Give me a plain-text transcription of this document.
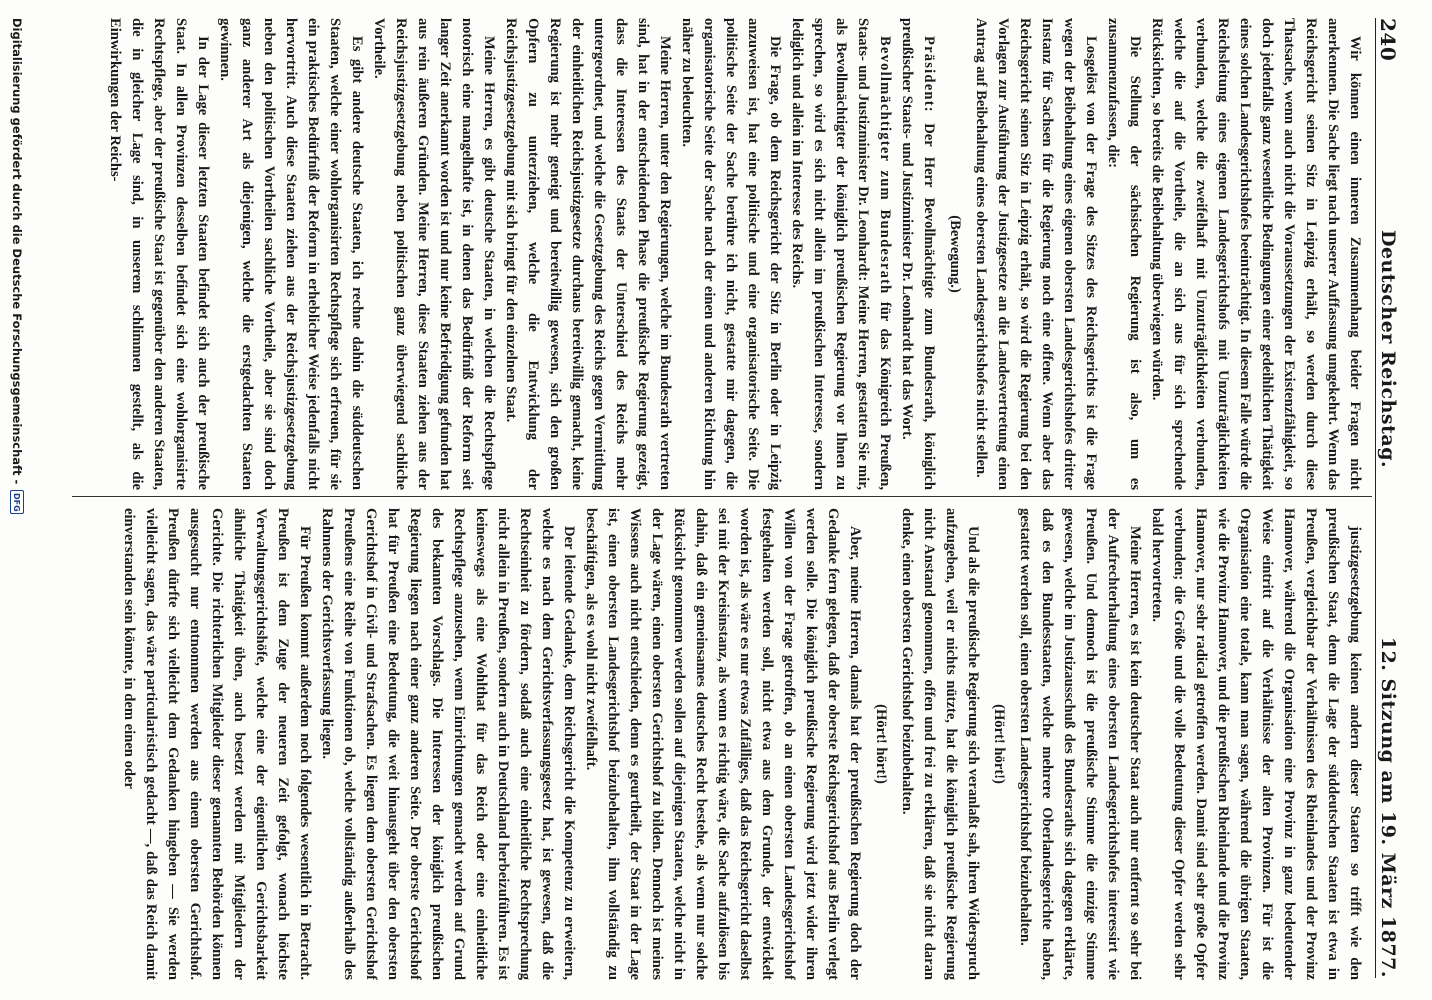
240
Deutscher Reichstag.
12. Sitzung am 19. März 1877.

Wir können einen inneren Zusammenhang beider Fragen nicht anerkennen. Die Sache liegt nach unserer Auffassung umgekehrt. Wenn das Reichsgericht seinen Sitz in Leipzig erhält, so werden durch diese Thatsache, wenn auch nicht die Voraussetzungen der Existenzfähigkeit, so doch jedenfalls ganz wesentliche Bedingungen einer gedeihlichen Thätigkeit eines solchen Landesgerichtshofes beeinträchtigt. In diesem Falle würde die Reichsleitung eines eigenen Landesgerichtshofs mit Unzuträglichkeiten verbunden, welche die zweifelhaft mit Unzuträglichkeiten verbunden, welche die auf die Vortheile, die an sich aus für sich sprechende Rücksichten, so bereits die Beibehaltung überwiegen würden.

Die Stellung der sächsischen Regierung ist also, um es zusammenzufassen, die:

Losgelöst von der Frage des Sitzes des Reichsgerichts ist die Frage wegen der Beibehaltung eines eigenen obersten Landesgerichtshofes dritter Instanz für Sachsen für die Regierung noch eine offene. Wenn aber das Reichsgericht seinen Sitz in Leipzig erhält, so wird die Regierung bei den Vorlagen zur Ausführung der Justizgesetze an die Landesvertretung einen Antrag auf Beibehaltung eines obersten Landesgerichtshofes nicht stellen.

(Bewegung.)

Präsident: Der Herr Bevollmächtigte zum Bundesrath, königlich preußischer Staats- und Justizminister Dr. Leonhardt hat das Wort.

Bevollmächtigter zum Bundesrath für das Königreich Preußen, Staats- und Justizminister Dr. Leonhardt: Meine Herren, gestatten Sie mir, als Bevollmächtigter der königlich preußischen Regierung vor Ihnen zu sprechen, so wird es sich nicht allein im preußischen Interesse, sondern lediglich und allein im Interesse des Reichs.

Die Frage, ob dem Reichsgericht der Sitz in Berlin oder in Leipzig anzuweisen ist, hat eine politische und eine organisatorische Seite. Die politische Seite der Sache berühre ich nicht, gestatte mir dagegen, die organisatorische Seite der Sache nach der einen und anderen Richtung hin näher zu beleuchten.

Meine Herren, unter den Regierungen, welche im Bundesrath vertreten sind, hat in der entscheidenden Phase die preußische Regierung gezeigt, dass die Interessen des Staats der Unterschied des Reichs mehr untergeordnet, und welche die Gesetzgebung des Reichs gegen Vermittlung der einheitlichen Reichsjustizgesetze durchaus bereitwillig gemacht, keine Regierung ist mehr geneigt und bereitwillig gewesen, sich den großen Opfern zu unterziehen, welche die Entwicklung der Reichsjustizgesetzgebung mit sich bringt für den einzelnen Staat.

Meine Herren, es gibt deutsche Staaten, in welchen die Rechtspflege notorisch eine mangelhafte ist, in denen das Bedürfniß der Reform seit langer Zeit anerkannt worden ist und nur keine Befriedigung gefunden hat aus rein äußeren Gründen. Meine Herren, diese Staaten ziehen aus der Reichsjustizgesetzgebung neben politischen ganz überwiegend sachliche Vortheile.

Es gibt andere deutsche Staaten, ich rechne dahin die süddeutschen Staaten, welche einer wohlorganisirten Rechtspflege sich erfreuen, für sie ein praktisches Bedürfniß der Reform in erheblicher Weise jedenfalls nicht hervortritt. Auch diese Staaten ziehen aus der Reichsjustizgesetzgebung neben den politischen Vortheilen sachliche Vortheile, aber sie sind doch ganz anderer Art als diejenigen, welche die erstgedachten Staaten gewinnen.

In der Lage dieser letzten Staaten befindet sich auch der preußische Staat. In allen Provinzen desselben befindet sich eine wohlorganisirte Rechtspflege, aber der preußische Staat ist gegenüber den anderen Staaten, die in gleicher Lage sind, in unserem schlimmen gestellt, als die Einwirkungen der Reichs-

justizgesetzgebung keinen andern dieser Staaten so trifft wie den preußischen Staat, denn die Lage der süddeutschen Staaten ist etwa in Preußen, vergleichbar der Verhältnissen des Rheinlandes und der Provinz Hannover, während die Organisation eine Provinz in ganz bedeutender Weise eintritt auf die Verhältnisse der alten Provinzen. Für ist die Organisation eine totale, kann man sagen, während die übrigen Staaten, wie die Provinz Hannover, und die preußischen Rheinlande und die Provinz Hannover, nur sehr radical getroffen werden. Damit sind sehr große Opfer verbunden; die Größe und die volle Bedeutung dieser Opfer werden sehr bald hervortreten.

Meine Herren, es ist kein deutscher Staat auch nur entfernt so sehr bei der Aufrechterhaltung eines obersten Landesgerichtshofes interessirt wie Preußen. Und dennoch ist die preußische Stimme die einzige Stimme gewesen, welche im Justizausschuß des Bundesraths sich dagegen erklärte, daß es den Bundesstaaten, welche mehrere Oberlandesgerichte haben, gestattet werden soll, einen obersten Landesgerichtshof beizubehalten.

(Hört! hört!)

Und als die preußische Regierung sich veranlaßt sah, ihren Widerspruch aufzugeben, weil er nichts nützte, hat die königlich preußische Regierung nicht Anstand genommen, offen und frei zu erklären, daß sie nicht daran denke, einen obersten Gerichtshof beizubehalten.

(Hört! hört!)

Aber, meine Herren, damals hat der preußischen Regierung doch der Gedanke fern gelegen, daß der oberste Reichsgerichtshof aus Berlin verlegt werden solle. Die königlich preußische Regierung wird jetzt wider ihren Willen von der Frage getroffen, ob an einen obersten Landesgerichtshof festgehalten werden soll, nicht etwa aus dem Grunde, der entwickelt worden ist, als wäre es nur etwas Zufälliges, daß das Reichsgericht daselbst sei mit der Kreisinstanz, als wenn es richtig wäre, die Sache aufzulösen bis dahin, daß ein gemeinsames deutsches Recht bestehe, als wenn nur solche Rücksicht genommen werden sollen auf diejenigen Staaten, welche nicht in der Lage wären, einen obersten Gerichtshof zu bilden. Dennoch ist meines Wissens auch nicht entschieden, denn es geurtheilt, der Staat in der Lage ist, einen obersten Landesgerichtshof beizubehalten, ihm vollständig zu beschäftigen, als es wohl nicht zweifelhaft.

Der leitende Gedanke, dem Reichsgericht die Kompetenz zu erweitern, welche es nach dem Gerichtsverfassungsgesetz hat, ist gewesen, daß die Rechtseinheit zu fördern, sodaß auch eine einheitliche Rechtsprechung nicht allein in Preußen, sondern auch in Deutschland herbeizuführen. Es ist keineswegs als eine Wohlthat für das Reich oder eine einheitliche Rechtspflege anzusehen, wenn Einrichtungen gemacht werden auf Grund des bekannten Vorschlags. Die Interessen der königlich preußischen Regierung liegen nach einer ganz anderen Seite. Der oberste Gerichtshof hat für Preußen eine Bedeutung, die weit hinausgeht über den obersten Gerichtshof in Civil- und Strafsachen. Es liegen dem obersten Gerichtshof Preußens eine Reihe von Funktionen ob, welche vollständig außerhalb des Rahmens der Gerichtsverfassung liegen.

Für Preußen kommt außerdem noch folgendes wesentlich in Betracht. Preußen ist dem Zuge der neueren Zeit gefolgt, wonach höchste Verwaltungsgerichtshöfe, welche eine der eigentlichen Gerichtsbarkeit ähnliche Thätigkeit üben, auch besetzt werden mit Mitgliedern der Gerichte. Die richterlichen Mitglieder dieser genannten Behörden können ausgesucht nur entnommen werden aus einem obersten Gerichtshof. Preußen dürfte sich vielleicht dem Gedanken hingeben — Sie werden vielleicht sagen, das wäre particularistisch gedacht —, daß das Reich damit einverstanden sein könnte, in dem einen oder

Digitalisierung gefördert durch die Deutsche Forschungsgemeinschaft -
DFG
